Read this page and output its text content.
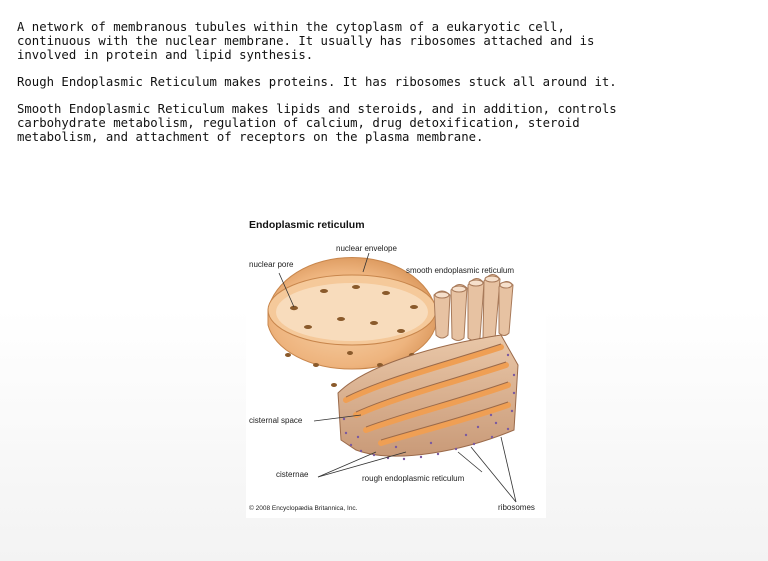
A network of membranous tubules within the cytoplasm of a eukaryotic cell,
continuous with the nuclear membrane. It usually has ribosomes attached and is
involved in protein and lipid synthesis.

Rough Endoplasmic Reticulum makes proteins. It has ribosomes stuck all around it.

Smooth Endoplasmic Reticulum makes lipids and steroids, and in addition, controls
carbohydrate metabolism, regulation of calcium, drug detoxification, steroid
metabolism, and attachment of receptors on the plasma membrane.

Endoplasmic reticulum
nuclear envelope
nuclear pore
smooth endoplasmic reticulum
cisternal space
cisternae	rough endoplasmic reticulum
ribosomes
© 2008 Encyclopædia Britannica, Inc.
